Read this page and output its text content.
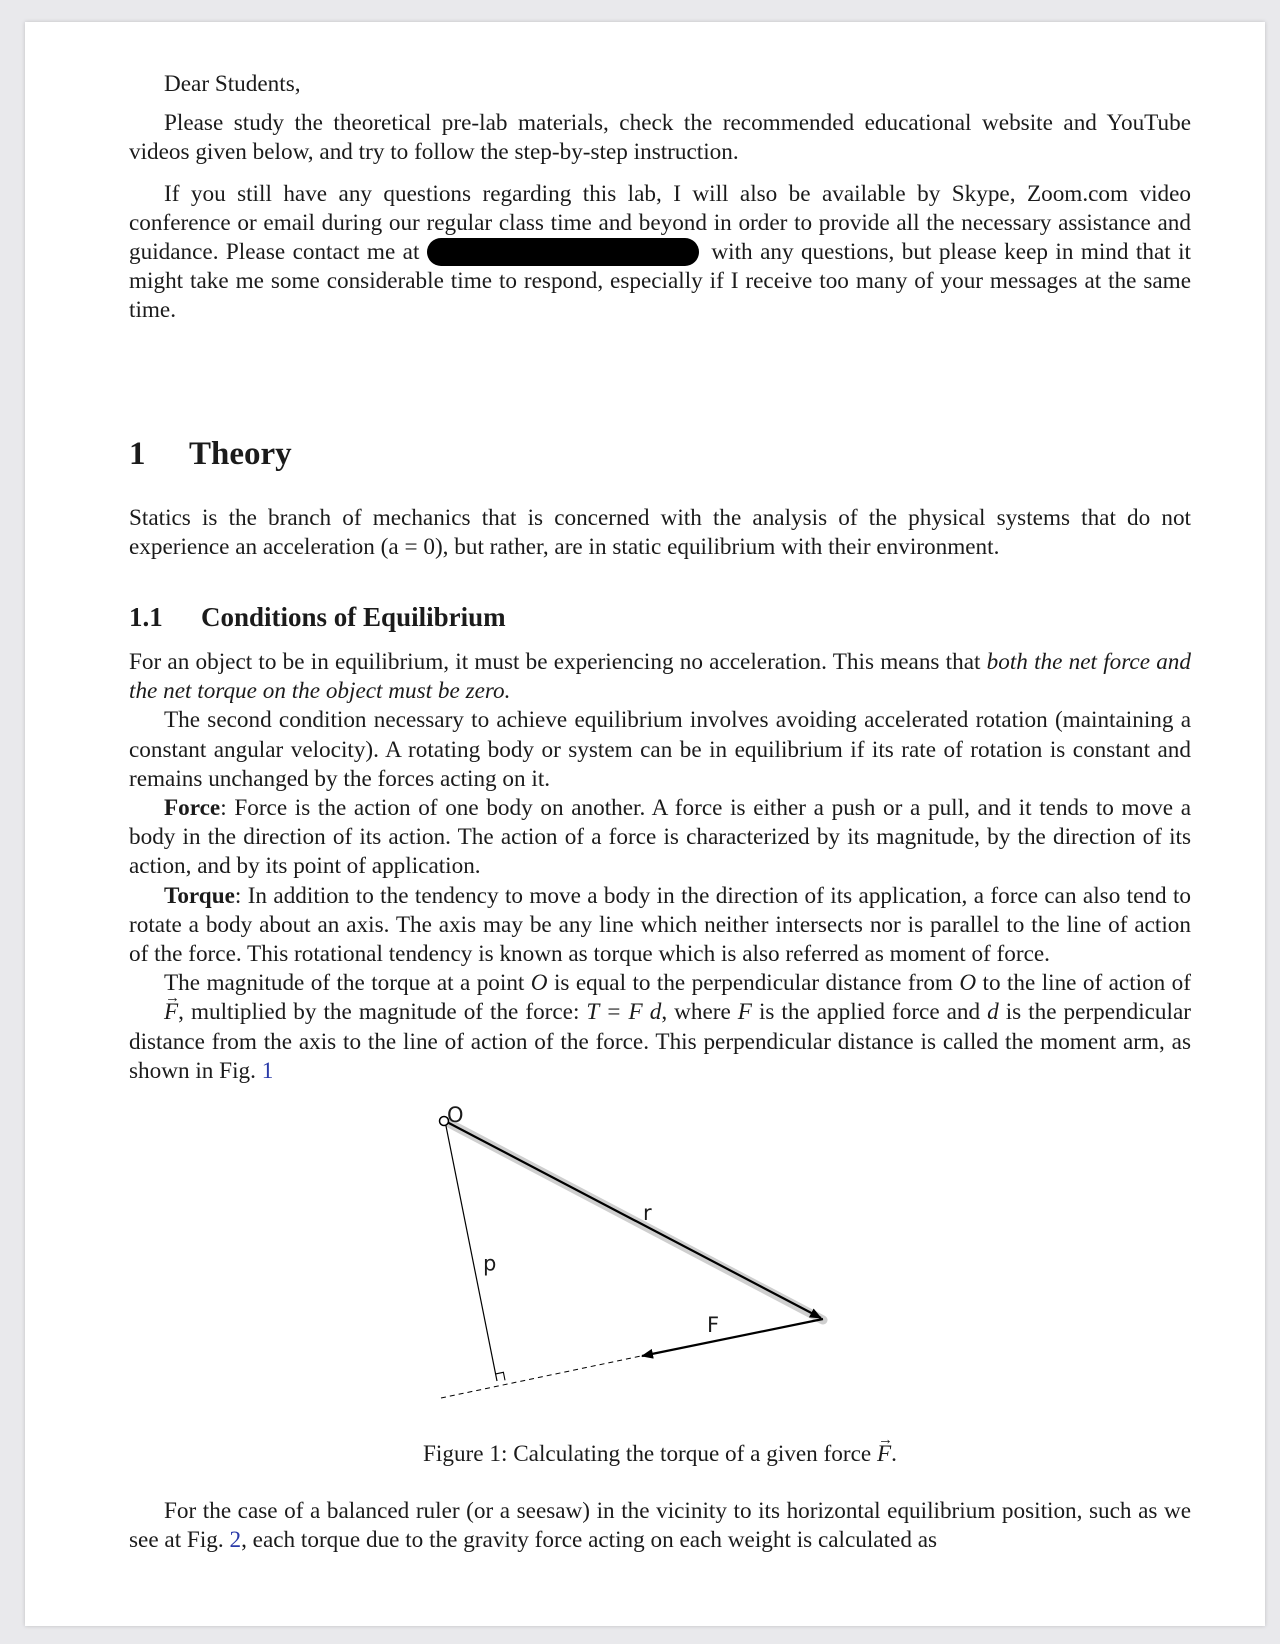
Dear Students,

Please study the theoretical pre-lab materials, check the recommended educational website and YouTube videos given below, and try to follow the step-by-step instruction.

If you still have any questions regarding this lab, I will also be available by Skype, Zoom.com video conference or email during our regular class time and beyond in order to provide all the necessary assistance and guidance. Please contact me at	with any questions, but please keep in mind that it might take me some considerable time to respond, especially if I receive too many of your messages at the same time.

1 Theory

Statics is the branch of mechanics that is concerned with the analysis of the physical systems that do not experience an acceleration (a = 0), but rather, are in static equilibrium with their environment.

1.1 Conditions of Equilibrium

For an object to be in equilibrium, it must be experiencing no acceleration. This means that both the net force and the net torque on the object must be zero.

The second condition necessary to achieve equilibrium involves avoiding accelerated rotation (maintaining a constant angular velocity). A rotating body or system can be in equilibrium if its rate of rotation is constant and remains unchanged by the forces acting on it.

Force: Force is the action of one body on another. A force is either a push or a pull, and it tends to move a body in the direction of its action. The action of a force is characterized by its magnitude, by the direction of its action, and by its point of application.

Torque: In addition to the tendency to move a body in the direction of its application, a force can also tend to rotate a body about an axis. The axis may be any line which neither intersects nor is parallel to the line of action of the force. This rotational tendency is known as torque which is also referred as moment of force.

The magnitude of the torque at a point O is equal to the perpendicular distance from O to the line of action of → F, multiplied by the magnitude of the force: T = F d, where F is the applied force and d is the perpendicular distance from the axis to the line of action of the force. This perpendicular distance is called the moment arm, as shown in Fig. 1

O
r
d
F

Figure 1: Calculating the torque of a given force → F.

For the case of a balanced ruler (or a seesaw) in the vicinity to its horizontal equilibrium position, such as we see at Fig. 2, each torque due to the gravity force acting on each weight is calculated as
